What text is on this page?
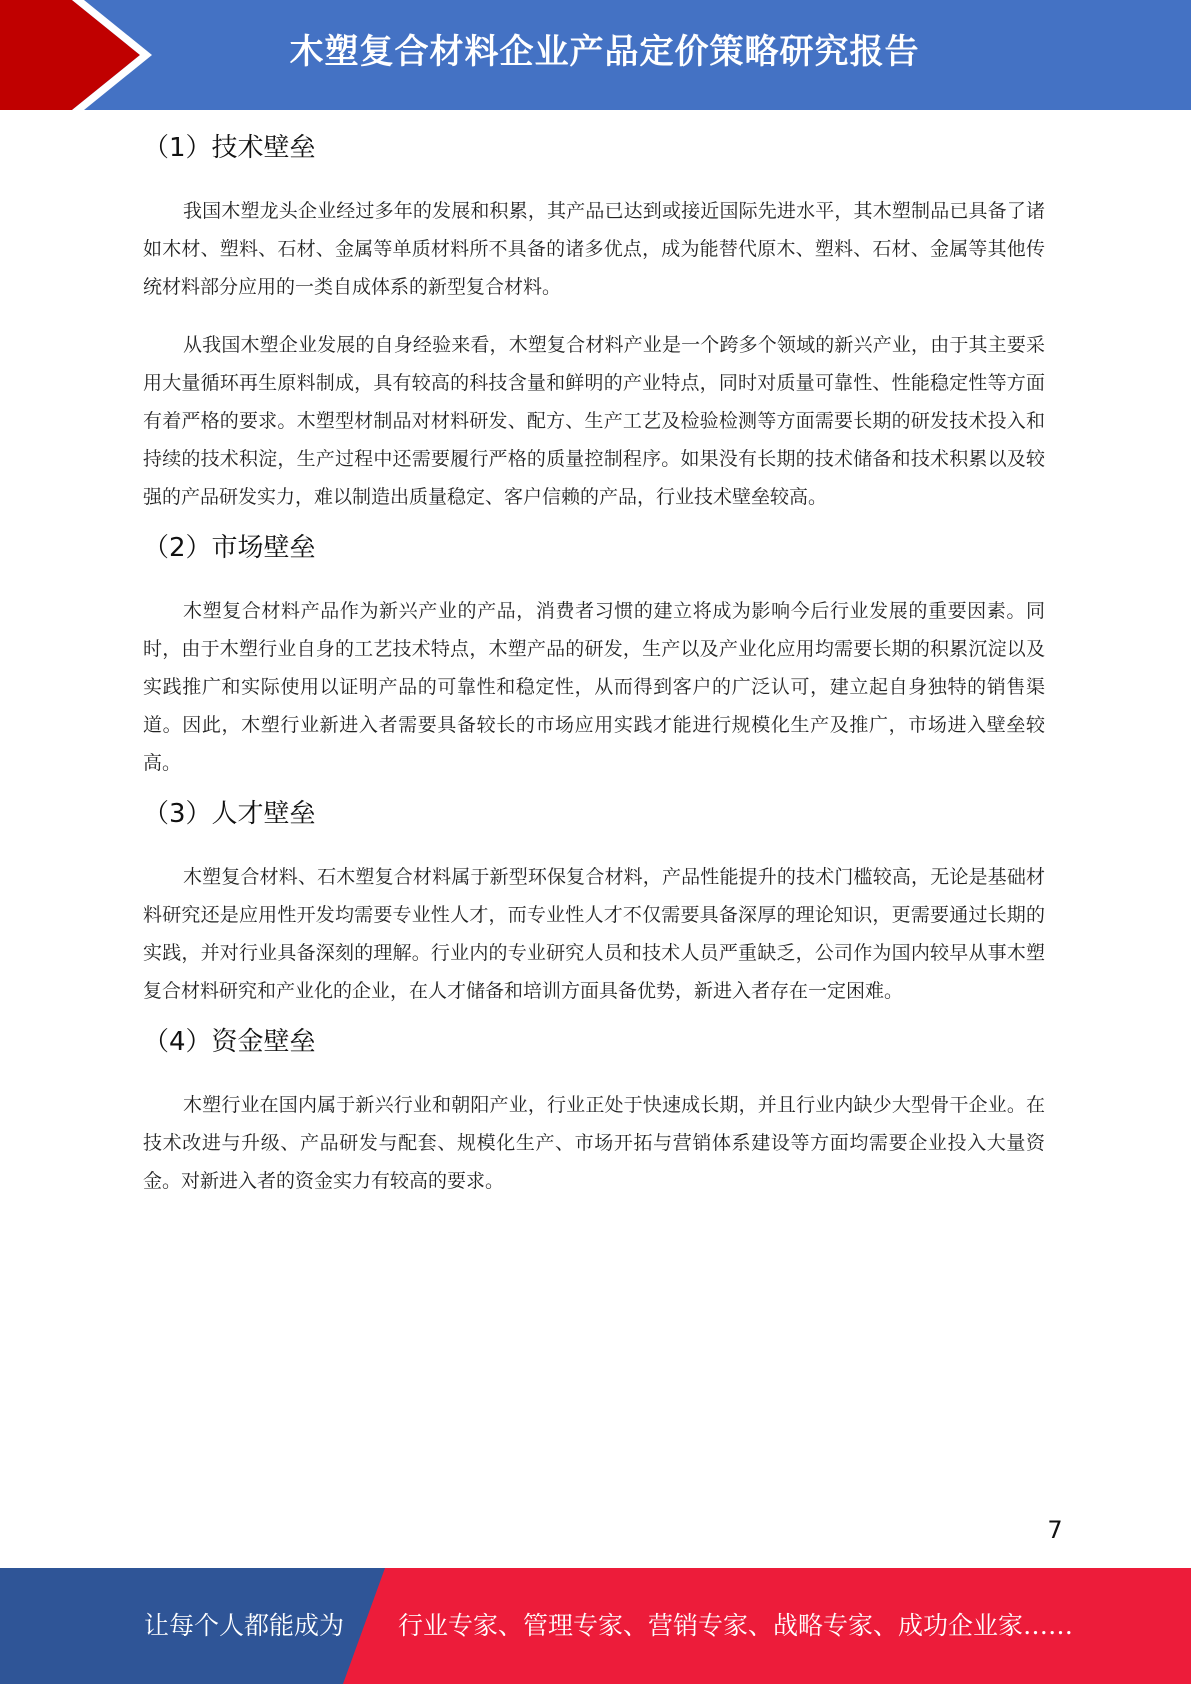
木塑复合材料企业产品定价策略研究报告
（1）技术壁垒

我国木塑龙头企业经过多年的发展和积累，其产品已达到或接近国际先进水平，其木塑制品已具备了诸如木材、塑料、石材、金属等单质材料所不具备的诸多优点，成为能替代原木、塑料、石材、金属等其他传统材料部分应用的一类自成体系的新型复合材料。

从我国木塑企业发展的自身经验来看，木塑复合材料产业是一个跨多个领域的新兴产业，由于其主要采用大量循环再生原料制成，具有较高的科技含量和鲜明的产业特点，同时对质量可靠性、性能稳定性等方面有着严格的要求。木塑型材制品对材料研发、配方、生产工艺及检验检测等方面需要长期的研发技术投入和持续的技术积淀，生产过程中还需要履行严格的质量控制程序。如果没有长期的技术储备和技术积累以及较强的产品研发实力，难以制造出质量稳定、客户信赖的产品，行业技术壁垒较高。

（2）市场壁垒

木塑复合材料产品作为新兴产业的产品，消费者习惯的建立将成为影响今后行业发展的重要因素。同时，由于木塑行业自身的工艺技术特点，木塑产品的研发，生产以及产业化应用均需要长期的积累沉淀以及实践推广和实际使用以证明产品的可靠性和稳定性，从而得到客户的广泛认可，建立起自身独特的销售渠道。因此，木塑行业新进入者需要具备较长的市场应用实践才能进行规模化生产及推广，市场进入壁垒较高。

（3）人才壁垒

木塑复合材料、石木塑复合材料属于新型环保复合材料，产品性能提升的技术门槛较高，无论是基础材料研究还是应用性开发均需要专业性人才，而专业性人才不仅需要具备深厚的理论知识，更需要通过长期的实践，并对行业具备深刻的理解。行业内的专业研究人员和技术人员严重缺乏，公司作为国内较早从事木塑复合材料研究和产业化的企业，在人才储备和培训方面具备优势，新进入者存在一定困难。

（4）资金壁垒

木塑行业在国内属于新兴行业和朝阳产业，行业正处于快速成长期，并且行业内缺少大型骨干企业。在技术改进与升级、产品研发与配套、规模化生产、市场开拓与营销体系建设等方面均需要企业投入大量资金。对新进入者的资金实力有较高的要求。

7
让每个人都能成为 行业专家、管理专家、营销专家、战略专家、成功企业家……
